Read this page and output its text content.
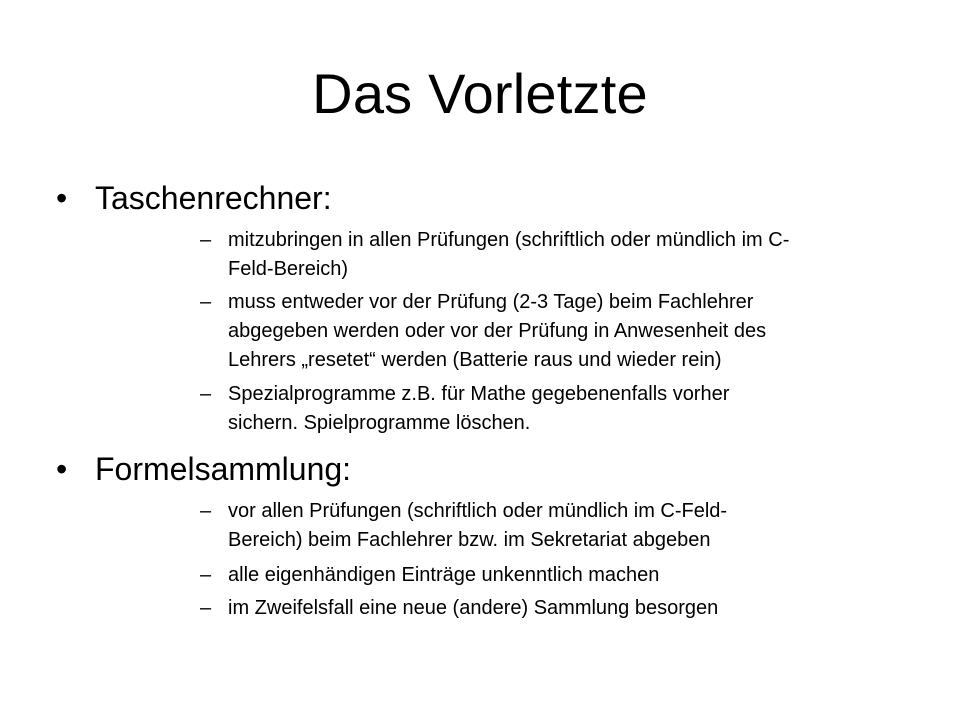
Das Vorletzte
• Taschenrechner:
– mitzubringen in allen Prüfungen (schriftlich oder mündlich im C-
Feld-Bereich)
– muss entweder vor der Prüfung (2-3 Tage) beim Fachlehrer
abgegeben werden oder vor der Prüfung in Anwesenheit des
Lehrers „resetet“ werden (Batterie raus und wieder rein)
– Spezialprogramme z.B. für Mathe gegebenenfalls vorher
sichern. Spielprogramme löschen.
• Formelsammlung:
– vor allen Prüfungen (schriftlich oder mündlich im C-Feld-
Bereich) beim Fachlehrer bzw. im Sekretariat abgeben
– alle eigenhändigen Einträge unkenntlich machen
– im Zweifelsfall eine neue (andere) Sammlung besorgen
